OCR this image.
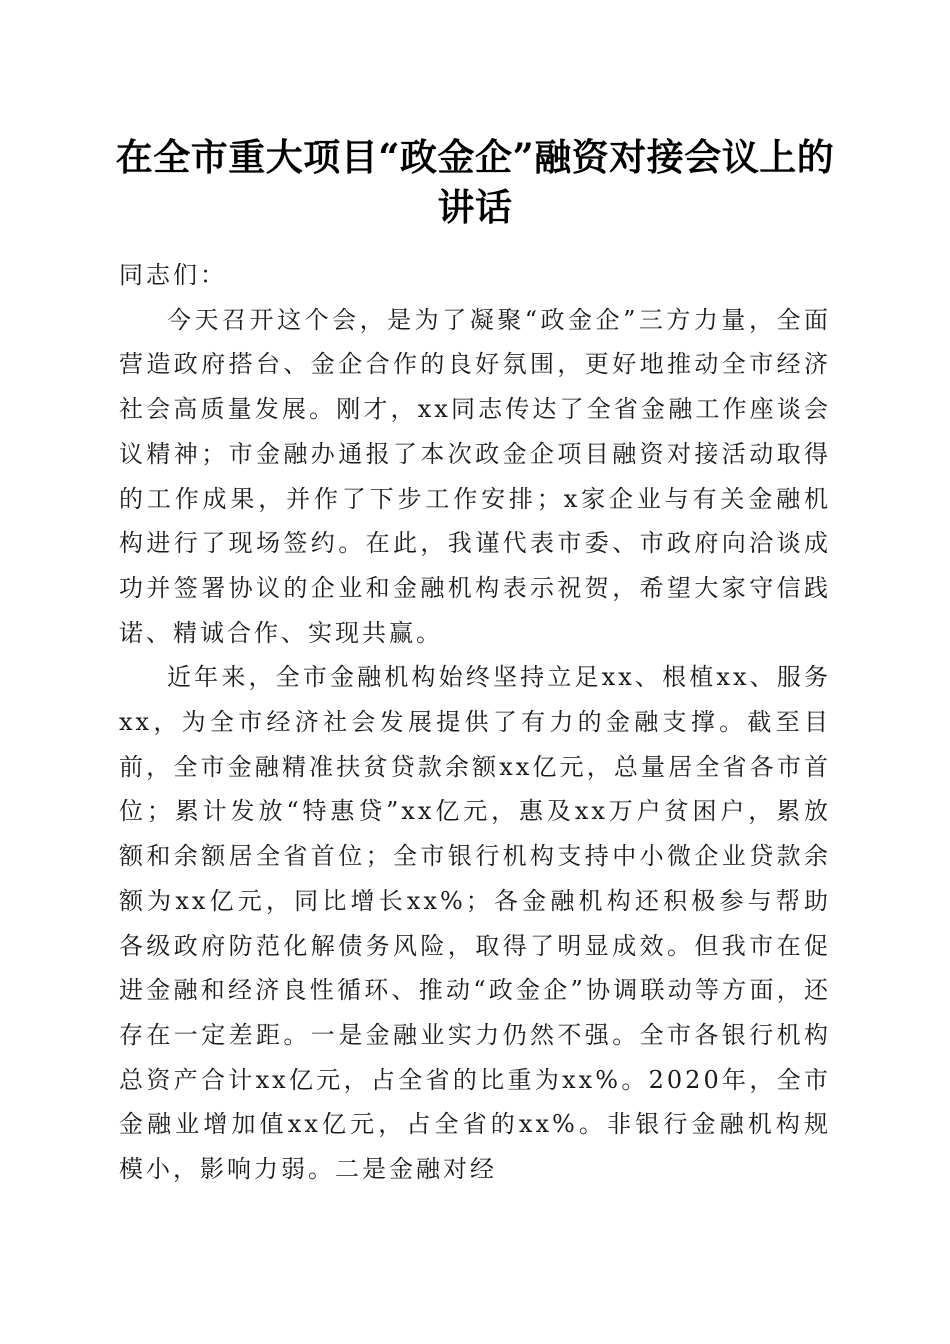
在全市重大项目“政金企”融资对接会议上的讲话

同志们：

今天召开这个会，是为了凝聚“政金企”三方力量，全面营造政府搭台、金企合作的良好氛围，更好地推动全市经济社会高质量发展。刚才，xx同志传达了全省金融工作座谈会议精神；市金融办通报了本次政金企项目融资对接活动取得的工作成果，并作了下步工作安排；x家企业与有关金融机构进行了现场签约。在此，我谨代表市委、市政府向洽谈成功并签署协议的企业和金融机构表示祝贺，希望大家守信践诺、精诚合作、实现共赢。

近年来，全市金融机构始终坚持立足xx、根植xx、服务xx，为全市经济社会发展提供了有力的金融支撑。截至目前，全市金融精准扶贫贷款余额xx亿元，总量居全省各市首位；累计发放“特惠贷”xx亿元，惠及xx万户贫困户，累放额和余额居全省首位；全市银行机构支持中小微企业贷款余额为xx亿元，同比增长xx%；各金融机构还积极参与帮助各级政府防范化解债务风险，取得了明显成效。但我市在促进金融和经济良性循环、推动“政金企”协调联动等方面，还存在一定差距。一是金融业实力仍然不强。全市各银行机构总资产合计xx亿元，占全省的比重为xx%。2020年，全市金融业增加值xx亿元，占全省的xx%。非银行金融机构规模小，影响力弱。二是金融对经
